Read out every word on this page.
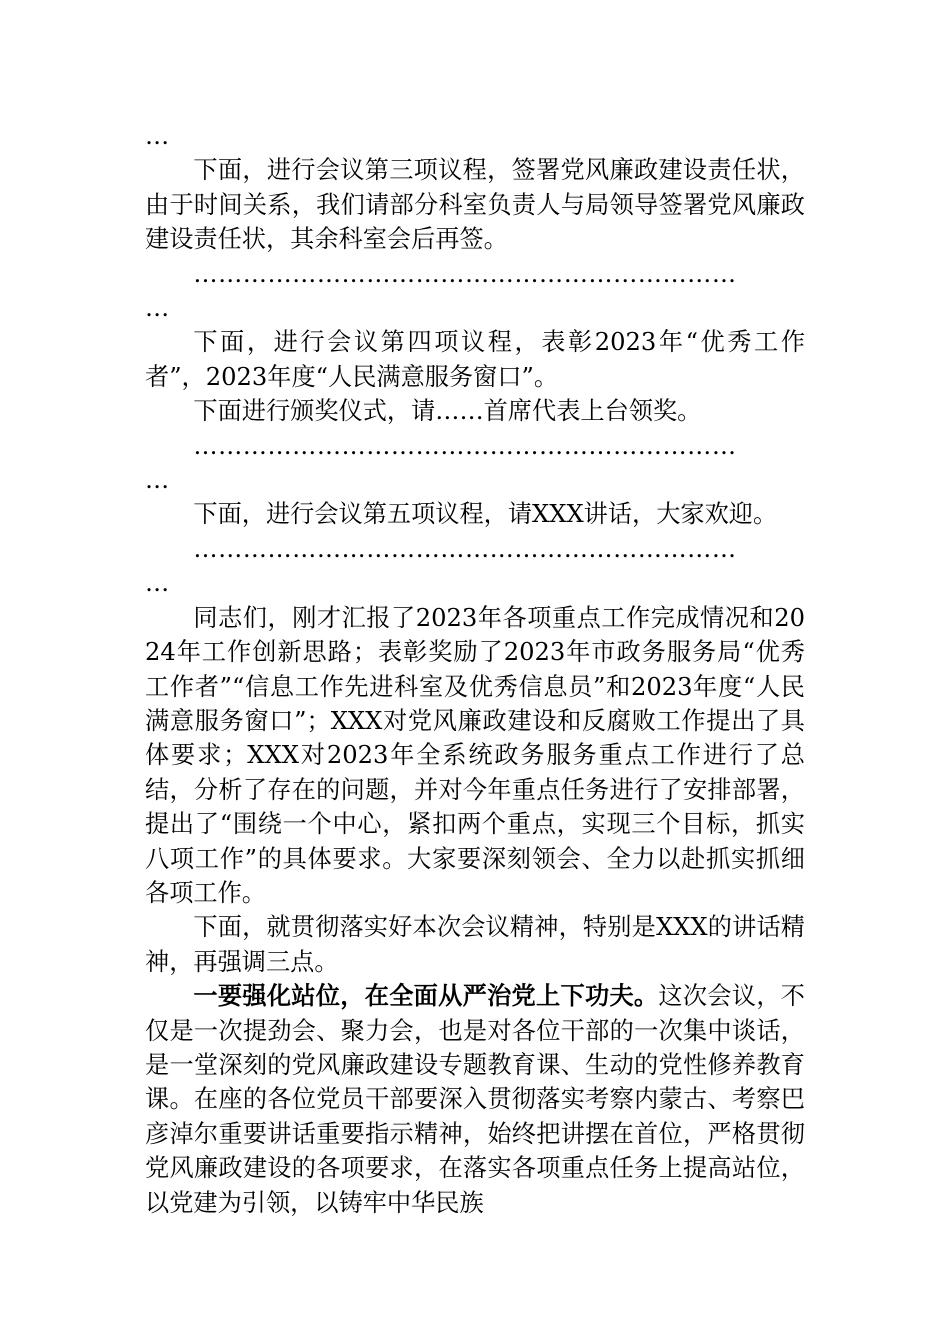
…

下面，进行会议第三项议程，签署党风廉政建设责任状，由于时间关系，我们请部分科室负责人与局领导签署党风廉政建设责任状，其余科室会后再签。

…………………………………………………………

…

下面，进行会议第四项议程，表彰2023年“优秀工作者”，2023年度“人民满意服务窗口”。

下面进行颁奖仪式，请……首席代表上台领奖。

…………………………………………………………

…

下面，进行会议第五项议程，请XXX讲话，大家欢迎。

…………………………………………………………

…

同志们，刚才汇报了2023年各项重点工作完成情况和2024年工作创新思路；表彰奖励了2023年市政务服务局“优秀工作者”“信息工作先进科室及优秀信息员”和2023年度“人民满意服务窗口”；XXX对党风廉政建设和反腐败工作提出了具体要求；XXX对2023年全系统政务服务重点工作进行了总结，分析了存在的问题，并对今年重点任务进行了安排部署，提出了“围绕一个中心，紧扣两个重点，实现三个目标，抓实八项工作”的具体要求。大家要深刻领会、全力以赴抓实抓细各项工作。

下面，就贯彻落实好本次会议精神，特别是XXX的讲话精神，再强调三点。

一要强化站位，在全面从严治党上下功夫。这次会议，不仅是一次提劲会、聚力会，也是对各位干部的一次集中谈话，是一堂深刻的党风廉政建设专题教育课、生动的党性修养教育课。在座的各位党员干部要深入贯彻落实考察内蒙古、考察巴彦淖尔重要讲话重要指示精神，始终把讲摆在首位，严格贯彻党风廉政建设的各项要求，在落实各项重点任务上提高站位，以党建为引领，以铸牢中华民族
